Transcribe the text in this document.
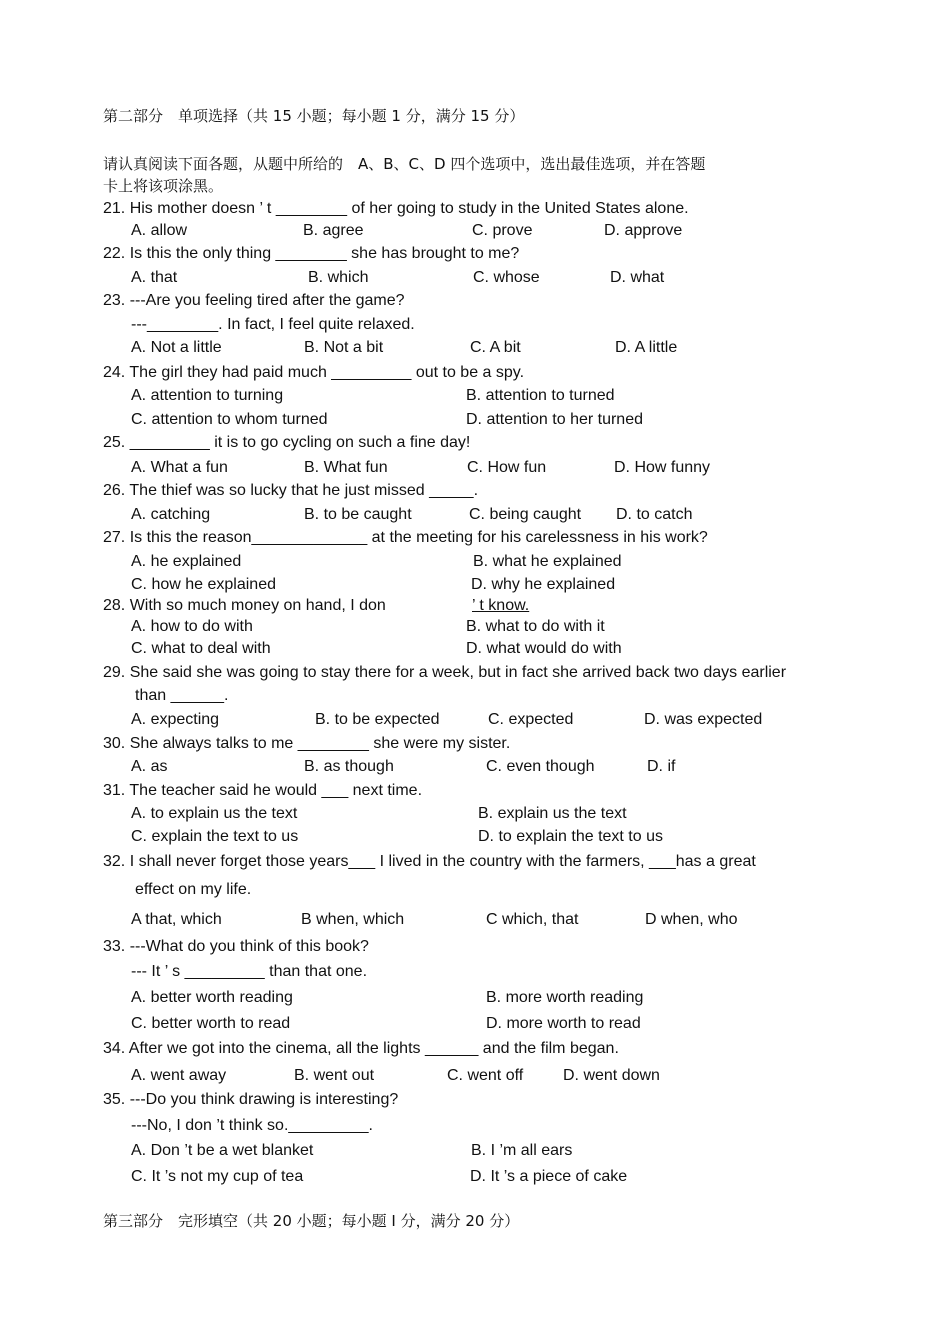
第二部分　单项选择（共 15 小题；每小题 1 分，满分 15 分）
请认真阅读下面各题，从题中所给的　A、B、C、D 四个选项中，选出最佳选项，并在答题
卡上将该项涂黑。
21. His mother doesn ’ t ________ of her going to study in the United States alone.
A. allow	B. agree	C. prove	D. approve
22. Is this the only thing ________ she has brought to me?
A. that	B. which	C. whose	D. what
23. ---Are you feeling tired after the game?
---________. In fact, I feel quite relaxed.
A. Not a little	B. Not a bit	C. A bit	D. A little
24. The girl they had paid much _________ out to be a spy.
A. attention to turning	B. attention to turned
C. attention to whom turned	D. attention to her turned
25. _________ it is to go cycling on such a fine day!
A. What a fun	B. What fun	C. How fun	D. How funny
26. The thief was so lucky that he just missed _____.
A. catching	B. to be caught	C. being caught D. to catch
27. Is this the reason_____________ at the meeting for his carelessness in his work?
A. he explained	B. what he explained
C. how he explained	D. why he explained
28. With so much money on hand, I don	’ t know.
A. how to do with	B. what to do with it
C. what to deal with	D. what would do with
29. She said she was going to stay there for a week, but in fact she arrived back two days earlier
than ______.
A. expecting	B. to be expected	C. expected	D. was expected
30. She always talks to me ________ she were my sister.
A. as	B. as though	C. even though	D. if
31. The teacher said he would ___ next time.
A. to explain us the text	B. explain us the text
C. explain the text to us	D. to explain the text to us
32. I shall never forget those years___ I lived in the country with the farmers, ___has a great
effect on my life.
A that, which	B when, which	C which, that	D when, who
33. ---What do you think of this book?
--- It ’ s _________ than that one.
A. better worth reading	B. more worth reading
C. better worth to read	D. more worth to read
34. After we got into the cinema, all the lights ______ and the film began.
A. went away	B. went out	C. went off D. went down
35. ---Do you think drawing is interesting?
---No, I don ’t think so._________.
A. Don ’t be a wet blanket	B. I ’m all ears
C. It ’s not my cup of tea	D. It ’s a piece of cake
第三部分　完形填空（共 20 小题；每小题 I 分，满分 20 分）
